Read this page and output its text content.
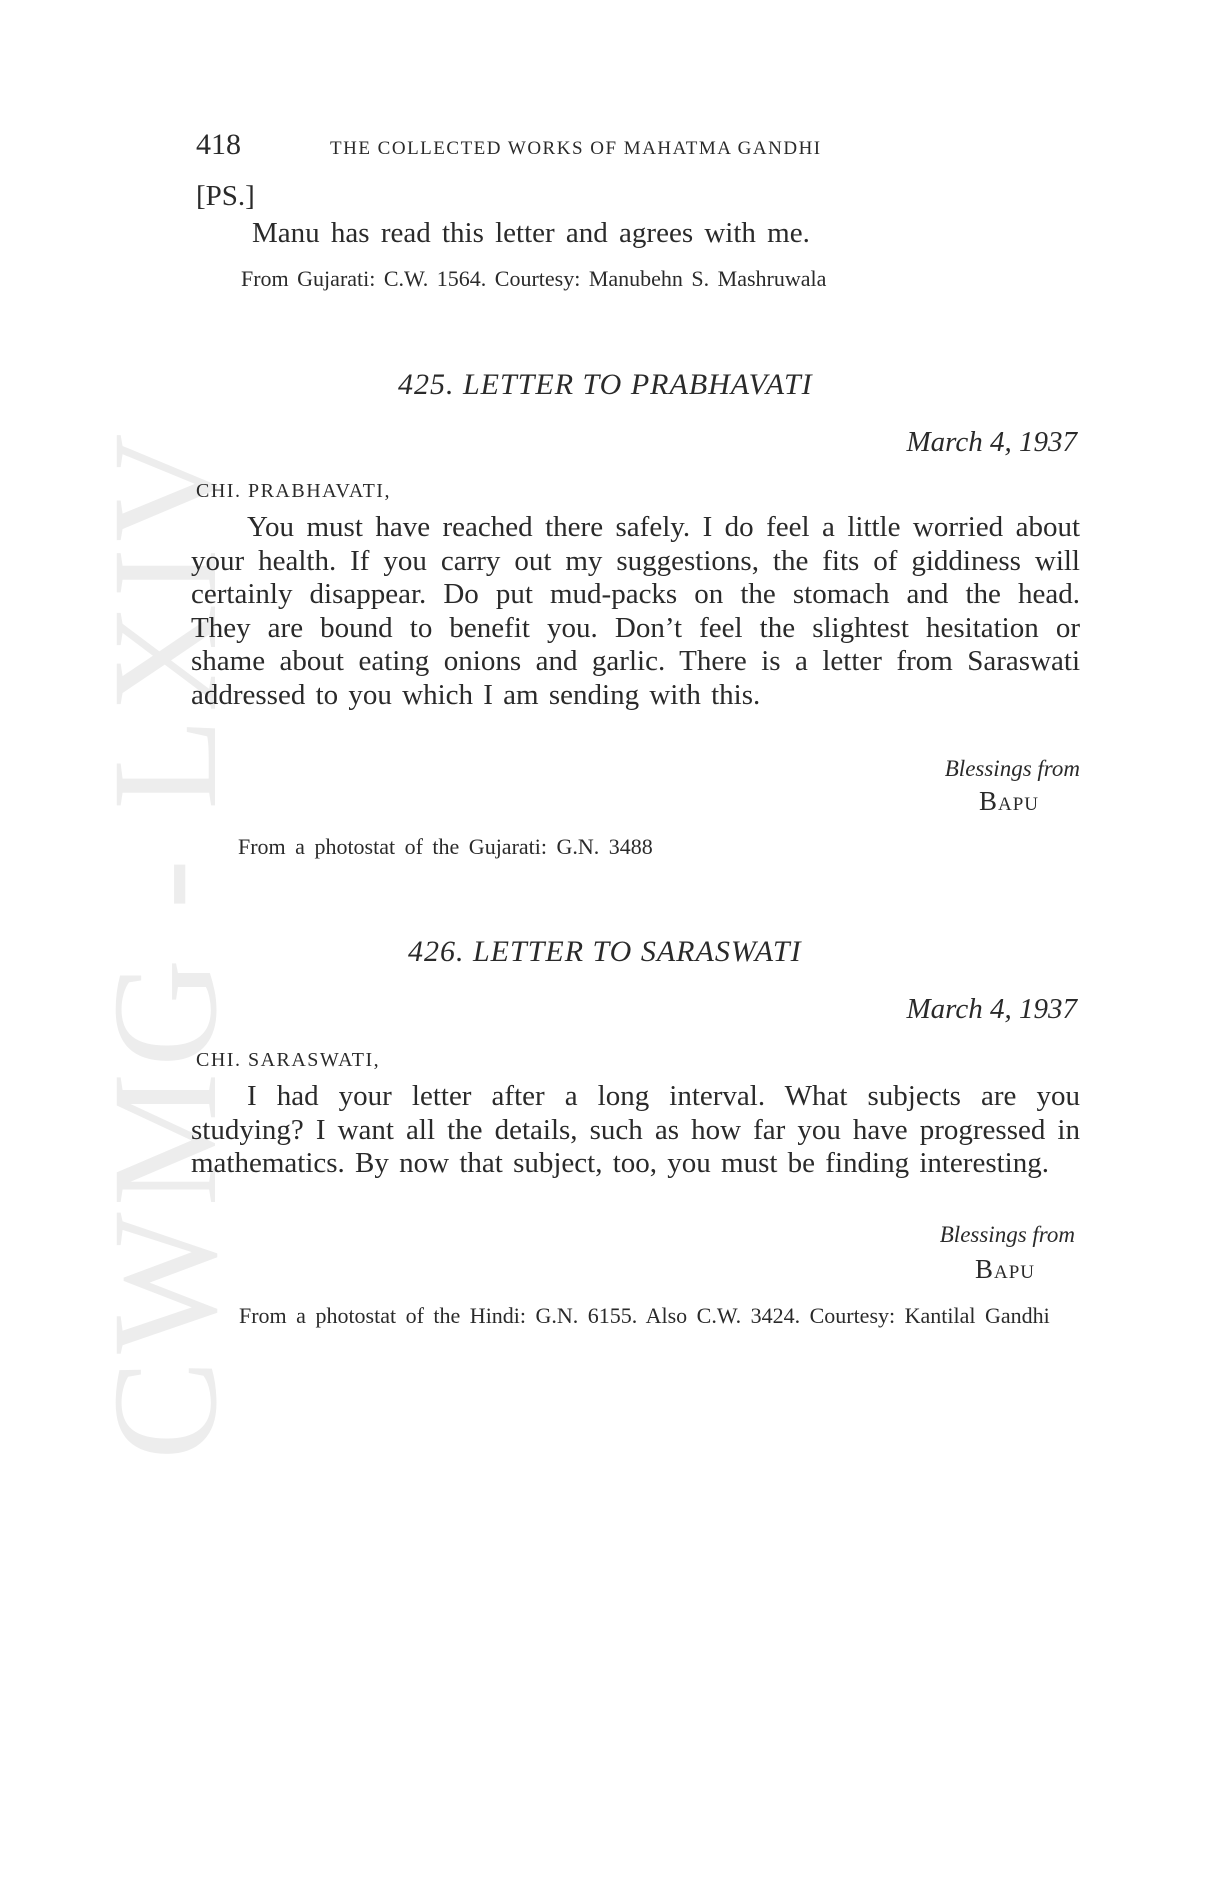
CWMG - LXIV
418	THE COLLECTED WORKS OF MAHATMA GANDHI
[PS.]
Manu has read this letter and agrees with me.
From Gujarati: C.W. 1564. Courtesy: Manubehn S. Mashruwala
425. LETTER TO PRABHAVATI
March 4, 1937
CHI. PRABHAVATI,
You must have reached there safely. I do feel a little worried about your health. If you carry out my suggestions, the fits of giddiness will certainly disappear. Do put mud-packs on the stomach and the head. They are bound to benefit you. Don’t feel the slightest hesitation or shame about eating onions and garlic. There is a letter from Saraswati addressed to you which I am sending with this.
Blessings from
Bapu
From a photostat of the Gujarati: G.N. 3488
426. LETTER TO SARASWATI
March 4, 1937
CHI. SARASWATI,
I had your letter after a long interval. What subjects are you studying? I want all the details, such as how far you have progressed in mathematics. By now that subject, too, you must be finding interesting.
Blessings from
Bapu
From a photostat of the Hindi: G.N. 6155. Also C.W. 3424. Courtesy: Kantilal Gandhi
